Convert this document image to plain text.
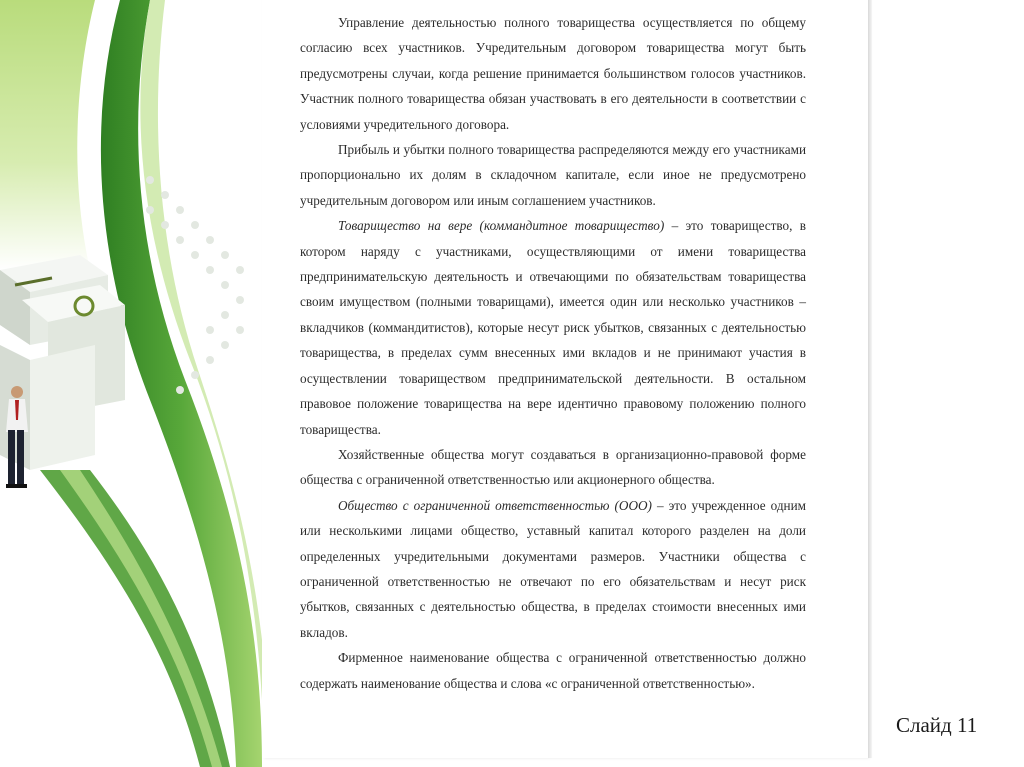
Управление деятельностью полного товарищества осуществляется по общему согласию всех участников. Учредительным договором товарищества могут быть предусмотрены случаи, когда решение принимается большинством голосов участников. Участник полного товарищества обязан участвовать в его деятельности в соответствии с условиями учредительного договора.

Прибыль и убытки полного товарищества распределяются между его участниками пропорционально их долям в складочном капитале, если иное не предусмотрено учредительным договором или иным соглашением участников.

Товарищество на вере (коммандитное товарищество) – это товарищество, в котором наряду с участниками, осуществляющими от имени товарищества предпринимательскую деятельность и отвечающими по обязательствам товарищества своим имуществом (полными товарищами), имеется один или несколько участников – вкладчиков (коммандитистов), которые несут риск убытков, связанных с деятельностью товарищества, в пределах сумм внесенных ими вкладов и не принимают участия в осуществлении товариществом предпринимательской деятельности. В остальном правовое положение товарищества на вере идентично правовому положению полного товарищества.

Хозяйственные общества могут создаваться в организационно-правовой форме общества с ограниченной ответственностью или акционерного общества.

Общество с ограниченной ответственностью (ООО) – это учрежденное одним или несколькими лицами общество, уставный капитал которого разделен на доли определенных учредительными документами размеров. Участники общества с ограниченной ответственностью не отвечают по его обязательствам и несут риск убытков, связанных с деятельностью общества, в пределах стоимости внесенных ими вкладов.

Фирменное наименование общества с ограниченной ответственностью должно содержать наименование общества и слова «с ограниченной ответственностью».

Слайд 11
